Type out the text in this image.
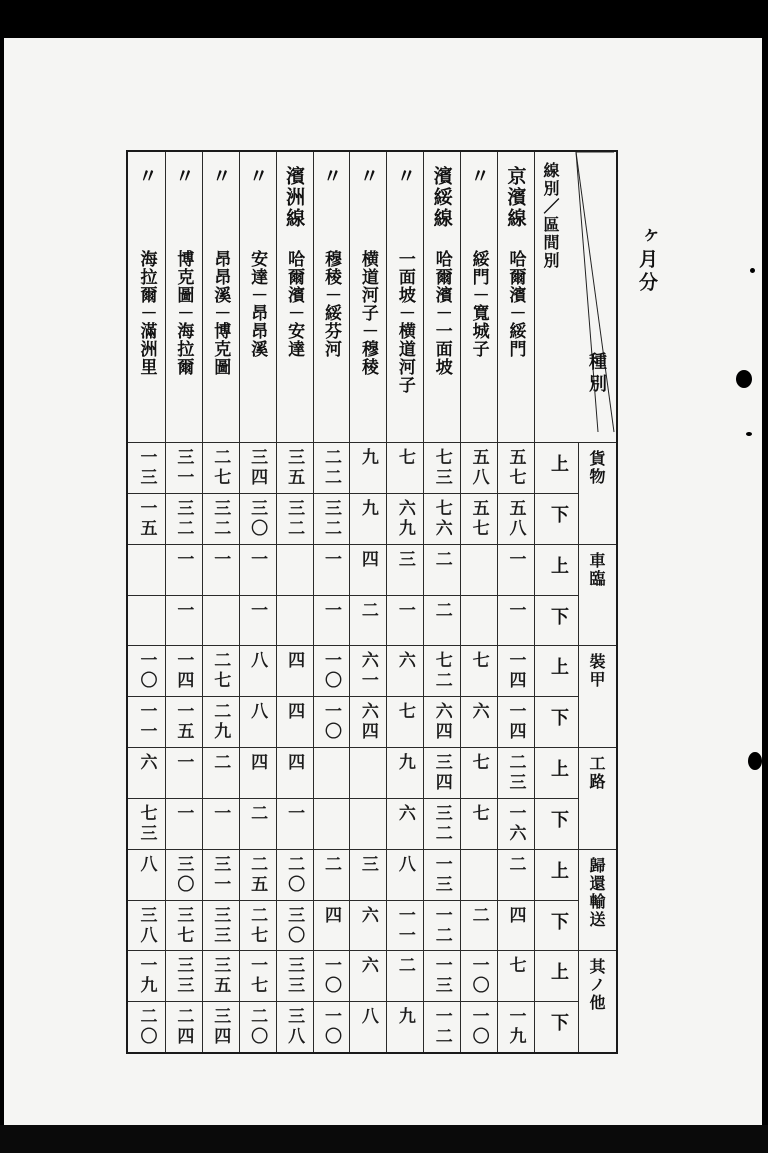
ヶ月分
京濱線
哈爾濱－綏門
五七
五八
一
一
一四
一四
二三
一六
二
四
七
一九
〃
綏門－寬城子
五八
五七
七
六
七
七
二
一〇
一〇
濱綏線
哈爾濱－一面坡
七三
七六
二
二
七二
六四
三四
三二
一三
一二
一三
一二
〃
一面坡－横道河子
七
六九
三
一
六
七
九
六
八
一一
二
九
〃
横道河子－穆稜
九
九
四
二
六一
六四
三
六
六
八
〃
穆稜－綏芬河
二二
三二
一
一
一〇
一〇
二
四
一〇
一〇
濱洲線
哈爾濱－安達
三五
三二
四
四
四
一
二〇
三〇
三三
三八
〃
安達－昂昂溪
三四
三〇
一
一
八
八
四
二
二五
二七
一七
二〇
〃
昂昂溪－博克圖
二七
三二
一
二七
二九
二
一
三一
三三
三五
三四
〃
博克圖－海拉爾
三一
三二
一
一
一四
一五
一
一
三〇
三七
三三
二四
〃
海拉爾－滿洲里
一三
一五
一〇
一一
六
七三
八
三八
一九
二〇
線別／區間別
種別
貨物
車臨
裝甲
工路
歸還輸送
其ノ他
上
下
上
下
上
下
上
下
上
下
上
下
